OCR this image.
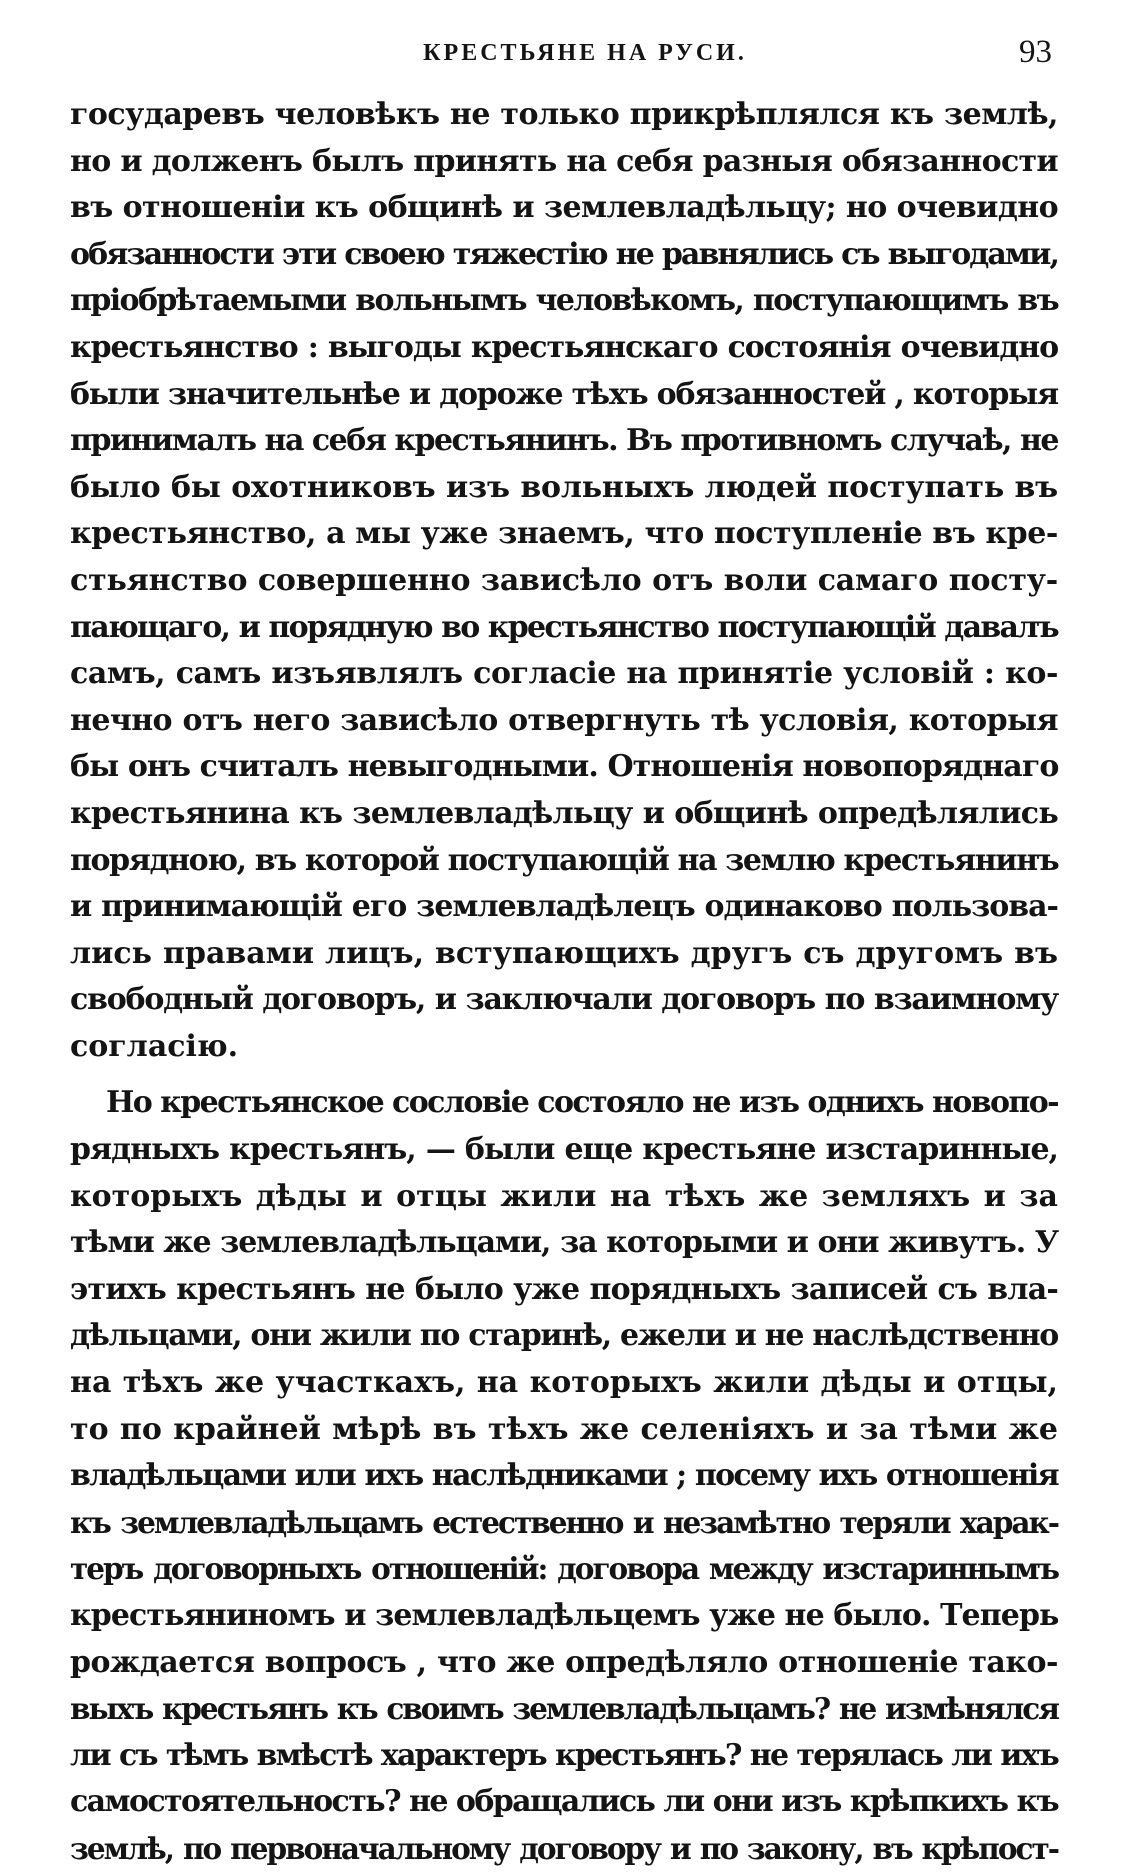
КРЕСТЬЯНЕ НА РУСИ.	93
государевъ человѣкъ не только прикрѣплялся къ землѣ,
но и долженъ былъ принять на себя разныя обязанности
въ отношеніи къ общинѣ и землевладѣльцу; но очевидно
обязанности эти своею тяжестію не равнялись съ выгодами,
пріобрѣтаемыми вольнымъ человѣкомъ, поступающимъ въ
крестьянство : выгоды крестьянскаго состоянія очевидно
были значительнѣе и дороже тѣхъ обязанностей , которыя
принималъ на себя крестьянинъ. Въ противномъ случаѣ, не
было бы охотниковъ изъ вольныхъ людей поступать въ
крестьянство, а мы уже знаемъ, что поступленіе въ кре-
стьянство совершенно зависѣло отъ воли самаго посту-
пающаго, и порядную во крестьянство поступающій давалъ
самъ, самъ изъявлялъ согласіе на принятіе условій : ко-
нечно отъ него зависѣло отвергнуть тѣ условія, которыя
бы онъ считалъ невыгодными. Отношенія новопоряднаго
крестьянина къ землевладѣльцу и общинѣ опредѣлялись
порядною, въ которой поступающій на землю крестьянинъ
и принимающій его землевладѣлецъ одинаково пользова-
лись правами лицъ, вступающихъ другъ съ другомъ въ
свободный договоръ, и заключали договоръ по взаимному
согласію.
Но крестьянское сословіе состояло не изъ однихъ новопо-
рядныхъ крестьянъ, — были еще крестьяне изстаринные,
которыхъ дѣды и отцы жили на тѣхъ же земляхъ и за
тѣми же землевладѣльцами, за которыми и они живутъ. У
этихъ крестьянъ не было уже порядныхъ записей съ вла-
дѣльцами, они жили по старинѣ, ежели и не наслѣдственно
на тѣхъ же участкахъ, на которыхъ жили дѣды и отцы,
то по крайней мѣрѣ въ тѣхъ же селеніяхъ и за тѣми же
владѣльцами или ихъ наслѣдниками ; посему ихъ отношенія
къ землевладѣльцамъ естественно и незамѣтно теряли харак-
теръ договорныхъ отношеній: договора между изстариннымъ
крестьяниномъ и землевладѣльцемъ уже не было. Теперь
рождается вопросъ , что же опредѣляло отношеніе тако-
выхъ крестьянъ къ своимъ землевладѣльцамъ? не измѣнялся
ли съ тѣмъ вмѣстѣ характеръ крестьянъ? не терялась ли ихъ
самостоятельность? не обращались ли они изъ крѣпкихъ къ
землѣ, по первоначальному договору и по закону, въ крѣпост-
